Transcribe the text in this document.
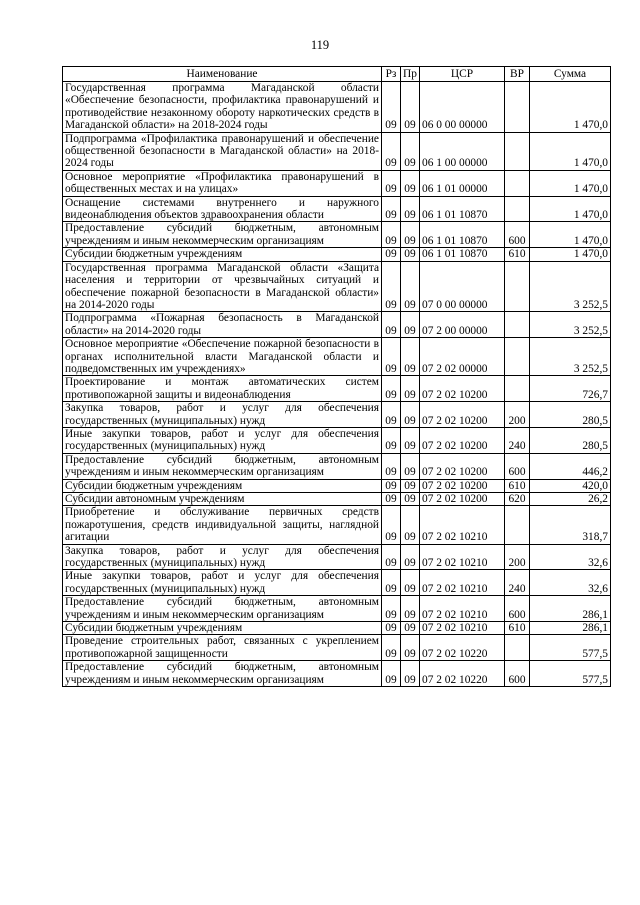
119
Наименование	Рз	Пр	ЦСР	ВР	Сумма
Государственная программа Магаданской области «Обеспечение безопасности, профилактика правонарушений и противодействие незаконному обороту наркотических средств в Магаданской области» на 2018-2024 годы	09	09	06 0 00 00000		1 470,0
Подпрограмма «Профилактика правонарушений и обеспечение общественной безопасности в Магаданской области» на 2018-2024 годы	09	09	06 1 00 00000		1 470,0
Основное мероприятие «Профилактика правонарушений в общественных местах и на улицах»	09	09	06 1 01 00000		1 470,0
Оснащение системами внутреннего и наружного видеонаблюдения объектов здравоохранения области	09	09	06 1 01 10870		1 470,0
Предоставление субсидий бюджетным, автономным учреждениям и иным некоммерческим организациям	09	09	06 1 01 10870	600	1 470,0
Субсидии бюджетным учреждениям	09	09	06 1 01 10870	610	1 470,0
Государственная программа Магаданской области «Защита населения и территории от чрезвычайных ситуаций и обеспечение пожарной безопасности в Магаданской области» на 2014-2020 годы	09	09	07 0 00 00000		3 252,5
Подпрограмма «Пожарная безопасность в Магаданской области» на 2014-2020 годы	09	09	07 2 00 00000		3 252,5
Основное мероприятие «Обеспечение пожарной безопасности в органах исполнительной власти Магаданской области и подведомственных им учреждениях»	09	09	07 2 02 00000		3 252,5
Проектирование и монтаж автоматических систем противопожарной защиты и видеонаблюдения	09	09	07 2 02 10200		726,7
Закупка товаров, работ и услуг для обеспечения государственных (муниципальных) нужд	09	09	07 2 02 10200	200	280,5
Иные закупки товаров, работ и услуг для обеспечения государственных (муниципальных) нужд	09	09	07 2 02 10200	240	280,5
Предоставление субсидий бюджетным, автономным учреждениям и иным некоммерческим организациям	09	09	07 2 02 10200	600	446,2
Субсидии бюджетным учреждениям	09	09	07 2 02 10200	610	420,0
Субсидии автономным учреждениям	09	09	07 2 02 10200	620	26,2
Приобретение и обслуживание первичных средств пожаротушения, средств индивидуальной защиты, наглядной агитации	09	09	07 2 02 10210		318,7
Закупка товаров, работ и услуг для обеспечения государственных (муниципальных) нужд	09	09	07 2 02 10210	200	32,6
Иные закупки товаров, работ и услуг для обеспечения государственных (муниципальных) нужд	09	09	07 2 02 10210	240	32,6
Предоставление субсидий бюджетным, автономным учреждениям и иным некоммерческим организациям	09	09	07 2 02 10210	600	286,1
Субсидии бюджетным учреждениям	09	09	07 2 02 10210	610	286,1
Проведение строительных работ, связанных с укреплением противопожарной защищенности	09	09	07 2 02 10220		577,5
Предоставление субсидий бюджетным, автономным учреждениям и иным некоммерческим организациям	09	09	07 2 02 10220	600	577,5
